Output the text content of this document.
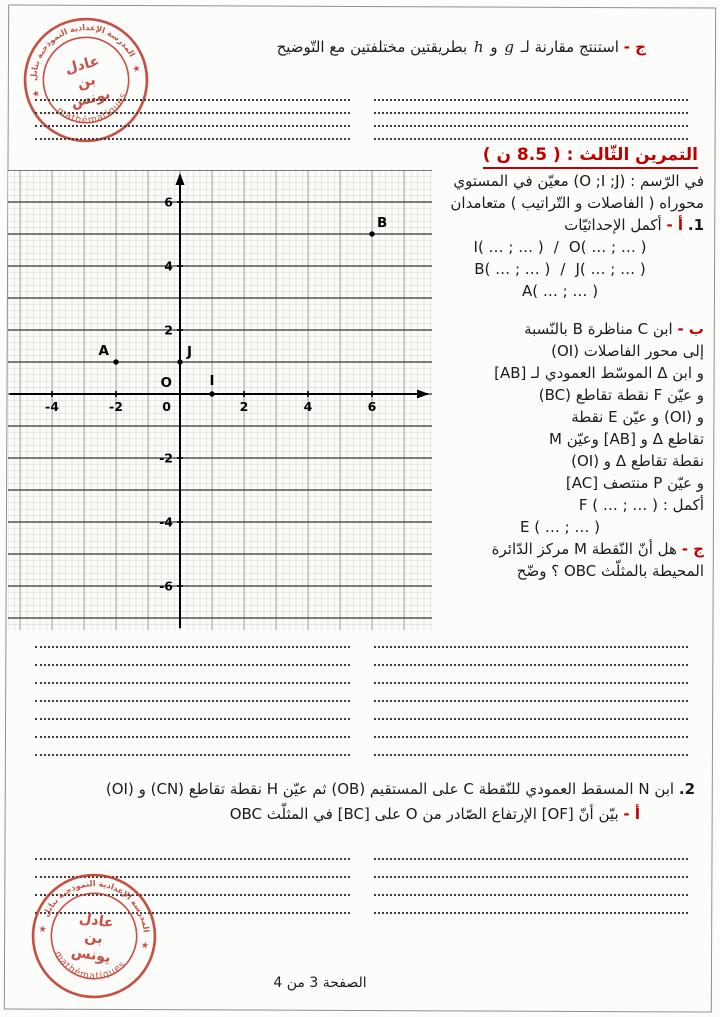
المدرسة الإعدادية النموذجية بنابل
mathématiques
★
★
عادل
بن
يونس
ج - استنتج مقارنة لـ g و h بطريقتين مختلفتين مع التّوضيح
التمرين الثّالث : ( 8.5 ن )
-4	-2	2	4	6
6
4
2
-2
-4
-6
0
O
A	J
I
B
في الرّسم : (O ;I ;J) معيّن في المستوي
محوراه ( الفاصلات و التّراتيب ) متعامدان
1. أ - أكمل الإحداثيّات
O( … ; … )/I( … ; … )
J( … ; … )/B( … ; … )
A( … ; … )
ب - ابن C مناظرة B بالنّسبة
إلى محور الفاصلات (OI)
و ابن Δ الموسّط العمودي لـ [AB]
و عيّن F نقطة تقاطع (BC)
و (OI) و عيّن E نقطة
تقاطع Δ و [AB] وعيّن M
نقطة تقاطع Δ و (OI)
و عيّن P منتصف [AC]
أكمل : F ( … ; … )
E ( … ; … )
ج - هل أنّ النّقطة M مركز الدّائرة
المحيطة بالمثلّث OBC ؟ وضّح
2. ابن N المسقط العمودي للنّقطة C على المستقيم (OB) ثم عيّن H نقطة تقاطع (CN) و (OI)
أ - بيّن أنّ [OF] الإرتفاع الصّادر من O على [BC] في المثلّث OBC
المدرسة الإعدادية النموذجية بنابل
mathématiques
★
★
عادل
بن
يونس
الصفحة 3 من 4
